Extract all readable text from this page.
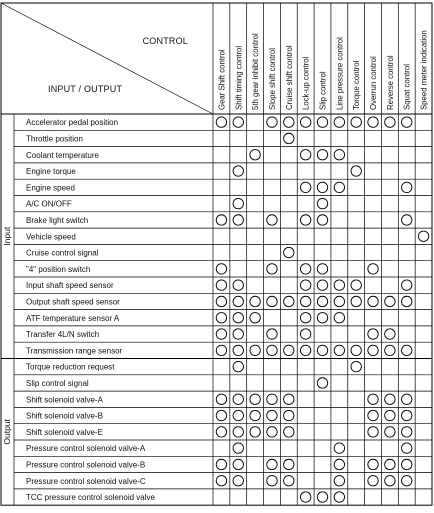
CONTROL
INPUT / OUTPUT	Gear Shift control Shift timing control 5th gear inhibit control Slope shift control Cruise shift control Lock-up control Slip control Line pressure control Torque control Overrun control Reverse control Squat control Speed meter indication
Accelerator pedal position
Throttle position
Coolant temperature
Engine torque
Engine speed
A/C ON/OFF
Brake light switch
Vehicle speed
Cruise control signal
"4" position switch
Input shaft speed sensor
Output shaft speed sensor
ATF temperature sensor A
Transfer 4L/N switch
Transmission range sensor
Input
Torque reduction request
Slip control signal
Shift solenoid valve-A
Shift solenoid valve-B
Shift solenoid valve-E
Pressure control solenoid valve-A
Pressure control solenoid valve-B
Pressure control solenoid valve-C
TCC pressure control solenoid valve
Output
